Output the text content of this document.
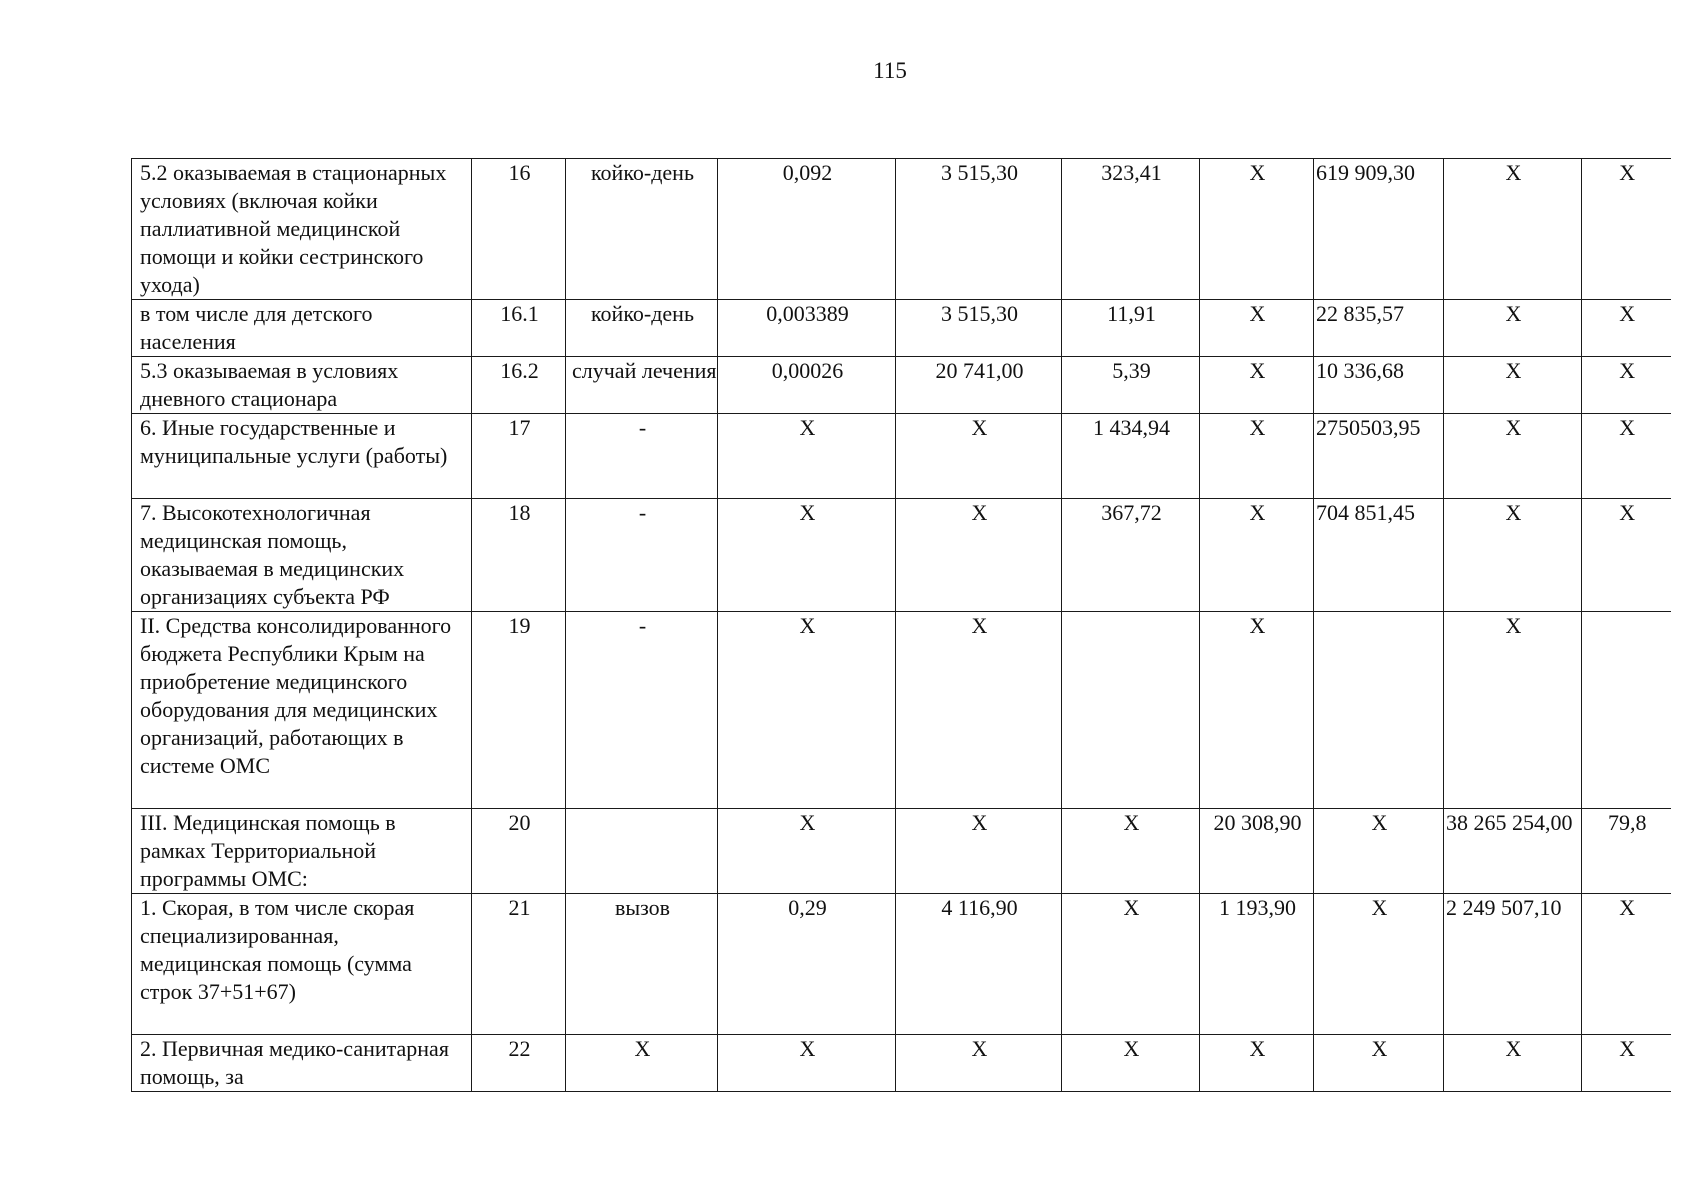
115
5.2 оказываемая в стационарных условиях (включая койки паллиативной медицинской помощи и койки сестринского ухода)	16	койко-день	0,092	3 515,30	323,41	Х	619 909,30	Х	Х
в том числе для детского населения	16.1	койко-день	0,003389	3 515,30	11,91	Х	22 835,57	Х	Х
5.3 оказываемая в условиях дневного стационара	16.2	случай лечения	0,00026	20 741,00	5,39	Х	10 336,68	Х	Х
6. Иные государственные и муниципальные услуги (работы)	17	-	Х	Х	1 434,94	Х	2750503,95	Х	Х
7. Высокотехнологичная медицинская помощь, оказываемая в медицинских организациях субъекта РФ	18	-	Х	Х	367,72	Х	704 851,45	Х	Х
II. Средства консолидированного бюджета Республики Крым на приобретение медицинского оборудования для медицинских организаций, работающих в системе ОМС	19	-	Х	Х		Х		Х	
III. Медицинская помощь в рамках Территориальной программы ОМС:	20		Х	Х	Х	20 308,90	Х	38 265 254,00	79,8
1. Скорая, в том числе скорая специализированная, медицинская помощь (сумма строк 37+51+67)	21	вызов	0,29	4 116,90	Х	1 193,90	Х	2 249 507,10	Х
2. Первичная медико-санитарная помощь, за	22	Х	Х	Х	Х	Х	Х	Х	Х
